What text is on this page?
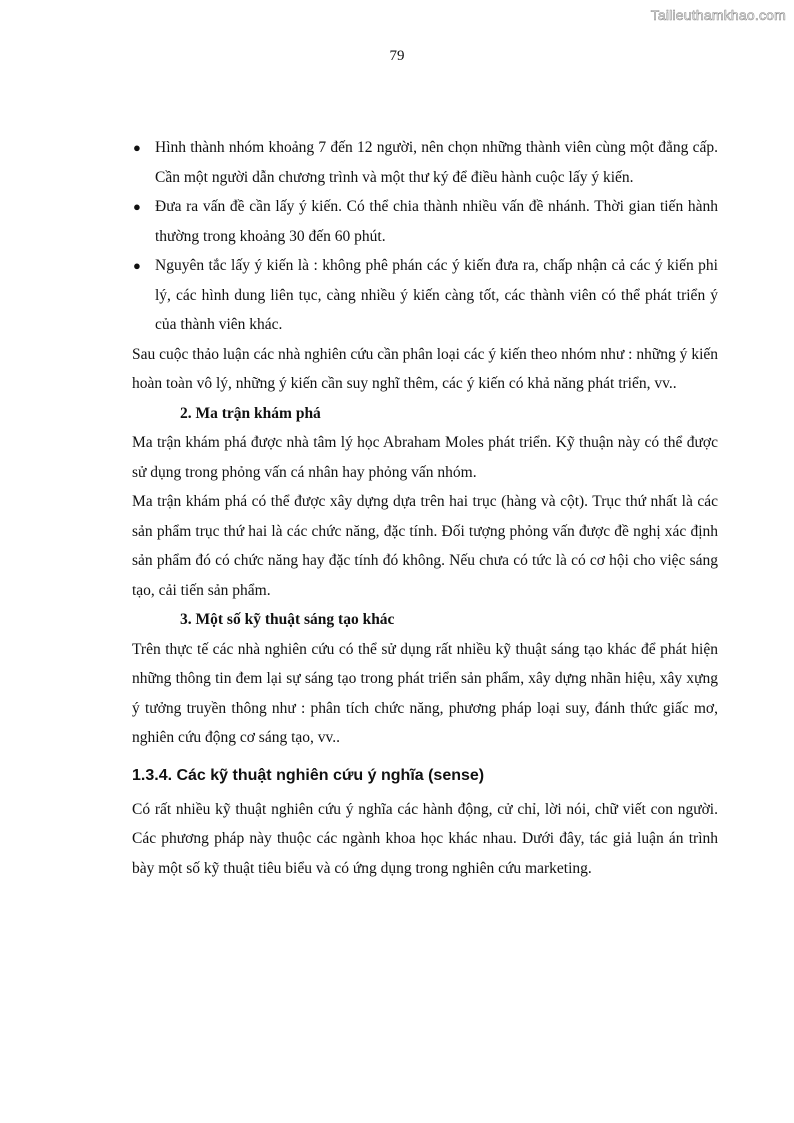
Tailieuthamkhao.com
79
● Hình thành nhóm khoảng 7 đến 12 người, nên chọn những thành viên cùng một đẳng cấp. Cần một người dẫn chương trình và một thư ký để điều hành cuộc lấy ý kiến.
● Đưa ra vấn đề cần lấy ý kiến. Có thể chia thành nhiều vấn đề nhánh. Thời gian tiến hành thường trong khoảng 30 đến 60 phút.
● Nguyên tắc lấy ý kiến là : không phê phán các ý kiến đưa ra, chấp nhận cả các ý kiến phi lý, các hình dung liên tục, càng nhiều ý kiến càng tốt, các thành viên có thể phát triển ý của thành viên khác.

Sau cuộc thảo luận các nhà nghiên cứu cần phân loại các ý kiến theo nhóm như : những ý kiến hoàn toàn vô lý, những ý kiến cần suy nghĩ thêm, các ý kiến có khả năng phát triển, vv..

2. Ma trận khám phá

Ma trận khám phá được nhà tâm lý học Abraham Moles phát triển. Kỹ thuận này có thể được sử dụng trong phỏng vấn cá nhân hay phỏng vấn nhóm.

Ma trận khám phá có thể được xây dựng dựa trên hai trục (hàng và cột). Trục thứ nhất là các sản phẩm trục thứ hai là các chức năng, đặc tính. Đối tượng phỏng vấn được đề nghị xác định sản phẩm đó có chức năng hay đặc tính đó không. Nếu chưa có tức là có cơ hội cho việc sáng tạo, cải tiến sản phẩm.

3. Một số kỹ thuật sáng tạo khác

Trên thực tế các nhà nghiên cứu có thể sử dụng rất nhiều kỹ thuật sáng tạo khác để phát hiện những thông tin đem lại sự sáng tạo trong phát triển sản phẩm, xây dựng nhãn hiệu, xây xựng ý tưởng truyền thông như : phân tích chức năng, phương pháp loại suy, đánh thức giấc mơ, nghiên cứu động cơ sáng tạo, vv..

1.3.4. Các kỹ thuật nghiên cứu ý nghĩa (sense)

Có rất nhiều kỹ thuật nghiên cứu ý nghĩa các hành động, cử chỉ, lời nói, chữ viết con người. Các phương pháp này thuộc các ngành khoa học khác nhau. Dưới đây, tác giả luận án trình bày một số kỹ thuật tiêu biểu và có ứng dụng trong nghiên cứu marketing.
